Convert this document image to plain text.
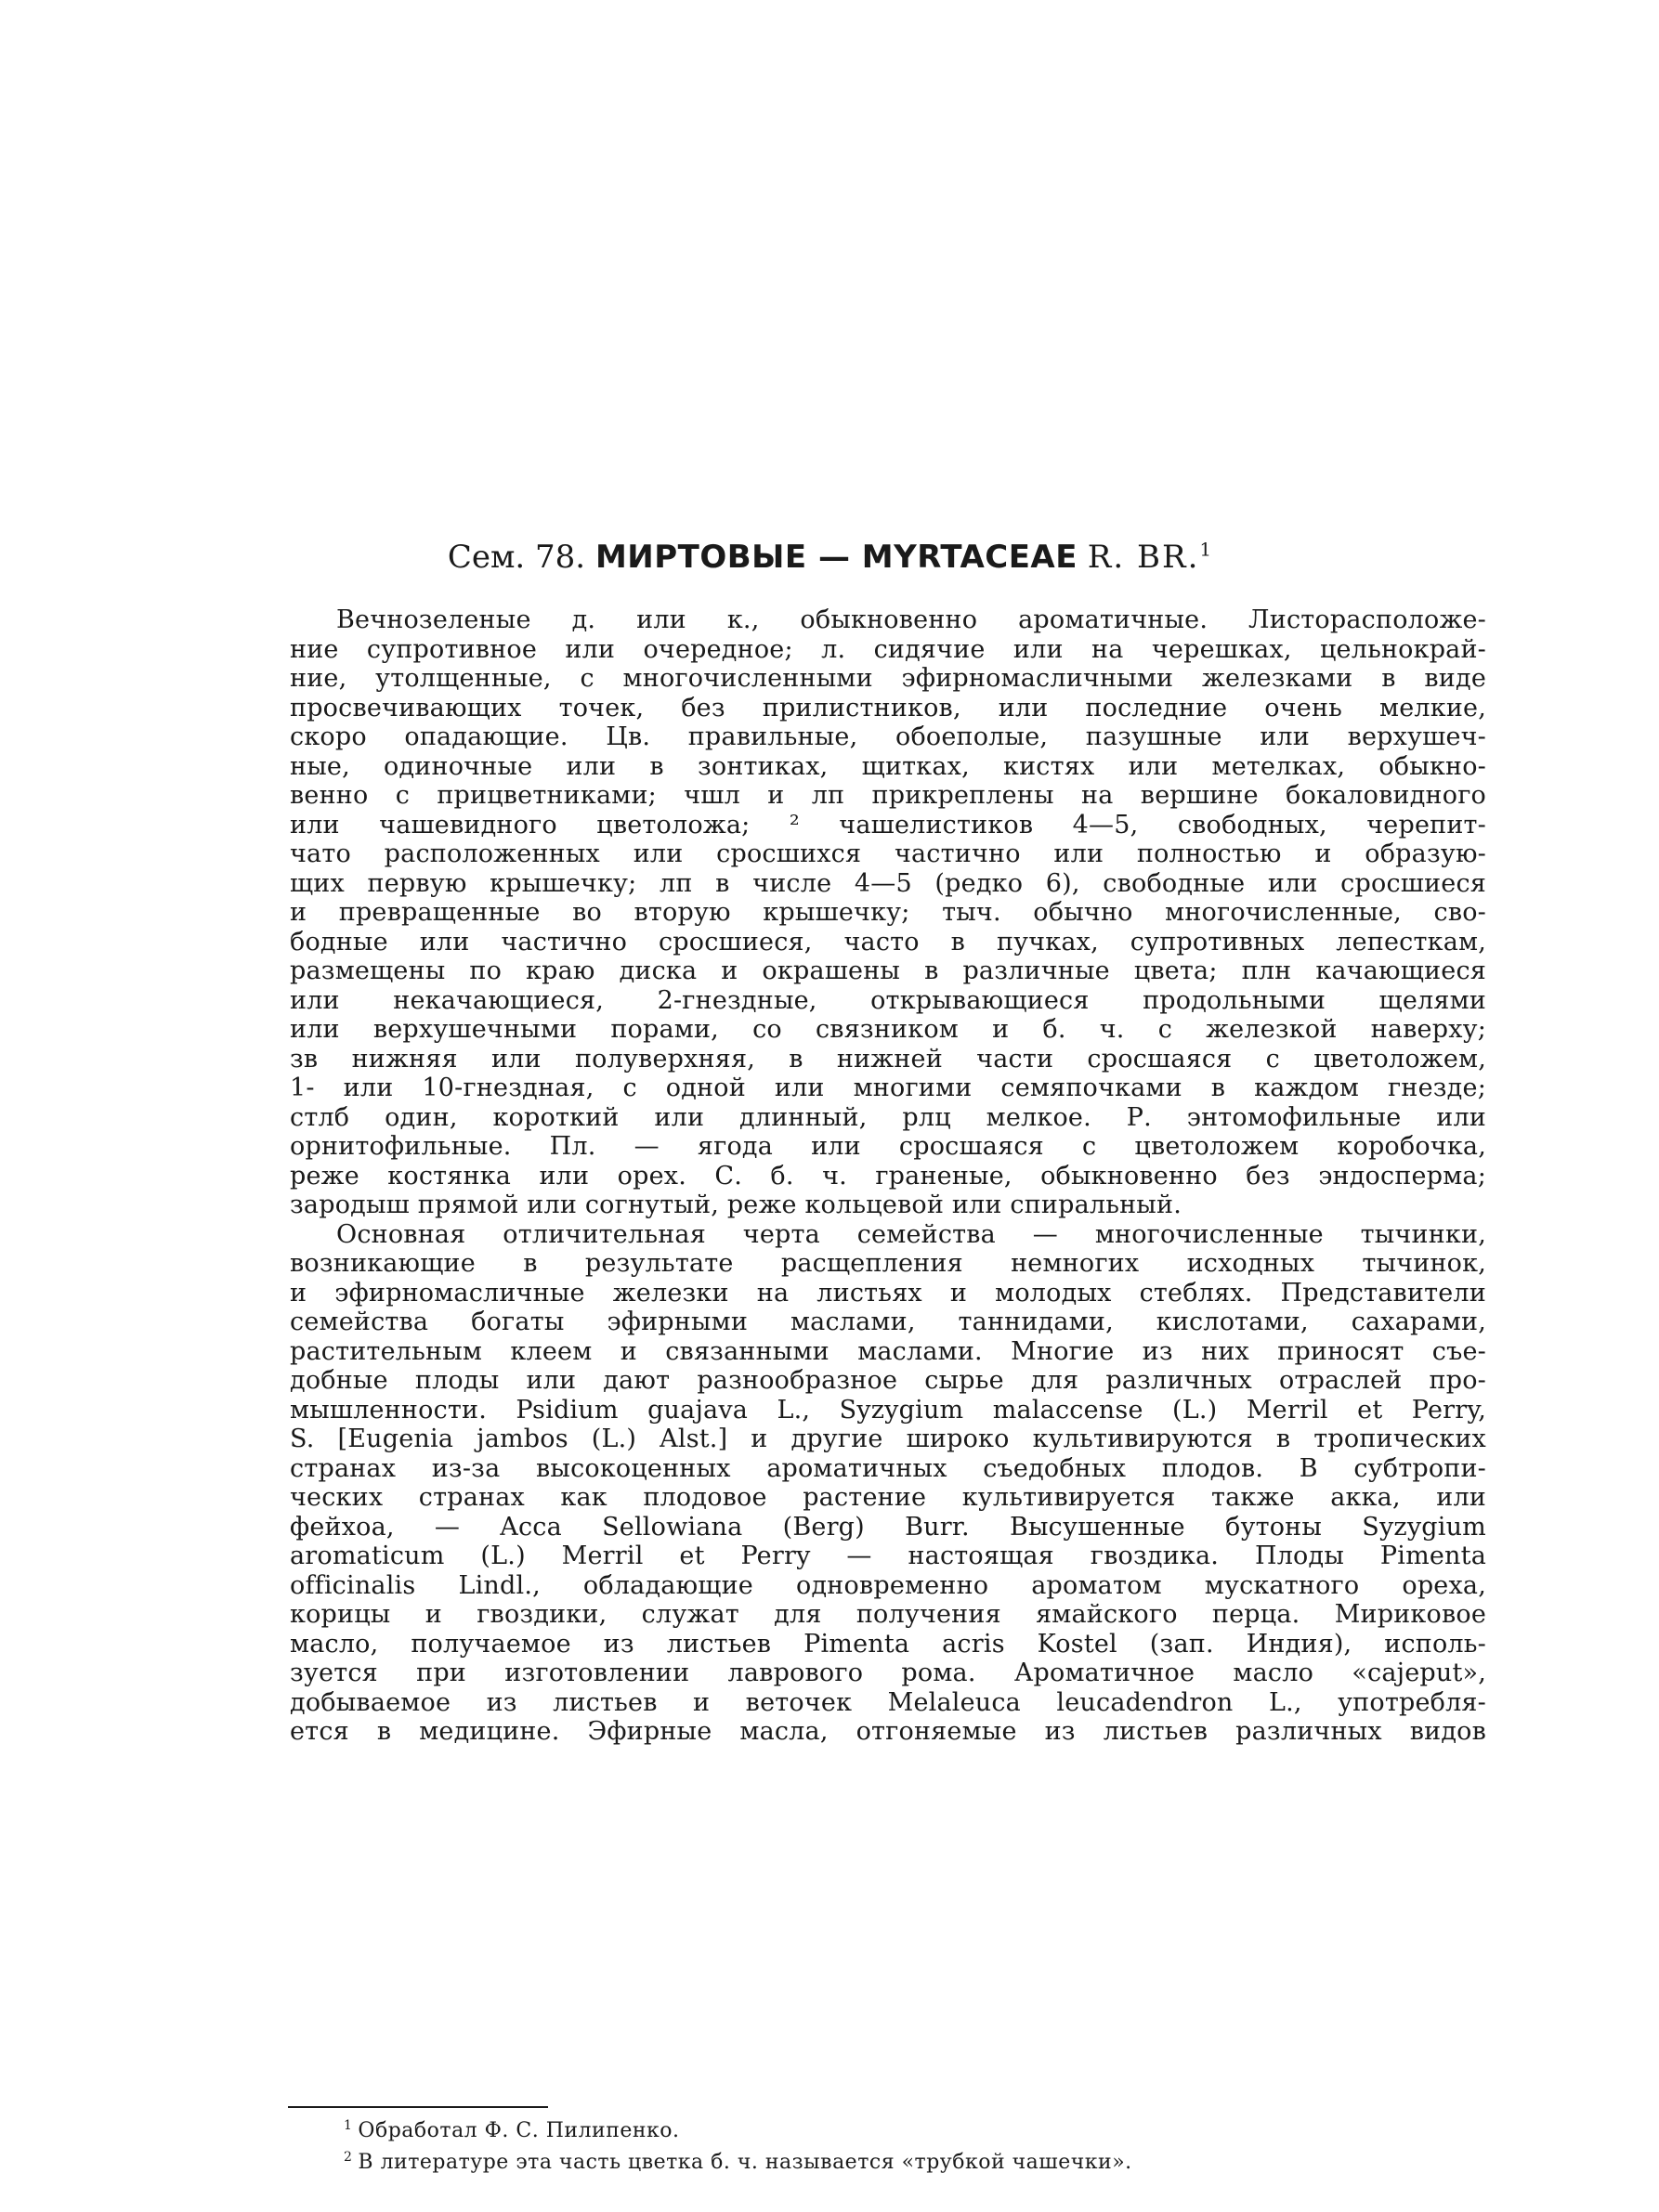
Сем. 78. МИРТОВЫЕ — MYRTACEAE R. BR.$^1$
Вечнозеленые д. или к., обыкновенно ароматичные. Листорасположе-
ние супротивное или очередное; л. сидячие или на черешках, цельнокрай-
ние, утолщенные, с многочисленными эфирномасличными железками в виде
просвечивающих точек, без прилистников, или последние очень мелкие,
скоро опадающие. Цв. правильные, обоеполые, пазушные или верхушеч-
ные, одиночные или в зонтиках, щитках, кистях или метелках, обыкно-
венно с прицветниками; чшл и лп прикреплены на вершине бокаловидного
или чашевидного цветоложа; ² чашелистиков 4—5, свободных, черепит-
чато расположенных или сросшихся частично или полностью и образую-
щих первую крышечку; лп в числе 4—5 (редко 6), свободные или сросшиеся
и превращенные во вторую крышечку; тыч. обычно многочисленные, сво-
бодные или частично сросшиеся, часто в пучках, супротивных лепесткам,
размещены по краю диска и окрашены в различные цвета; плн качающиеся
или некачающиеся, 2-гнездные, открывающиеся продольными щелями
или верхушечными порами, со связником и б. ч. с железкой наверху;
зв нижняя или полуверхняя, в нижней части сросшаяся с цветоложем,
1- или 10-гнездная, с одной или многими семяпочками в каждом гнезде;
стлб один, короткий или длинный, рлц мелкое. Р. энтомофильные или
орнитофильные. Пл. — ягода или сросшаяся с цветоложем коробочка,
реже костянка или орех. С. б. ч. граненые, обыкновенно без эндосперма;
зародыш прямой или согнутый, реже кольцевой или спиральный.
Основная отличительная черта семейства — многочисленные тычинки,
возникающие в результате расщепления немногих исходных тычинок,
и эфирномасличные железки на листьях и молодых стеблях. Представители
семейства богаты эфирными маслами, таннидами, кислотами, сахарами,
растительным клеем и связанными маслами. Многие из них приносят съе-
добные плоды или дают разнообразное сырье для различных отраслей про-
мышленности. Psidium guajava L., Syzygium malaccense (L.) Merril et Perry,
S. [Eugenia jambos (L.) Alst.] и другие широко культивируются в тропических
странах из-за высокоценных ароматичных съедобных плодов. В субтропи-
ческих странах как плодовое растение культивируется также акка, или
фейхоа, — Acca Sellowiana (Berg) Burr. Высушенные бутоны Syzygium
aromaticum (L.) Merril et Perry — настоящая гвоздика. Плоды Pimenta
officinalis Lindl., обладающие одновременно ароматом мускатного ореха,
корицы и гвоздики, служат для получения ямайского перца. Мириковое
масло, получаемое из листьев Pimenta acris Kostel (зап. Индия), исполь-
зуется при изготовлении лаврового рома. Ароматичное масло «cajeput»,
добываемое из листьев и веточек Melaleuca leucadendron L., употребля-
ется в медицине. Эфирные масла, отгоняемые из листьев различных видов
$^1$ Обработал Ф. С. Пилипенко.
$^2$ В литературе эта часть цветка б. ч. называется «трубкой чашечки».
